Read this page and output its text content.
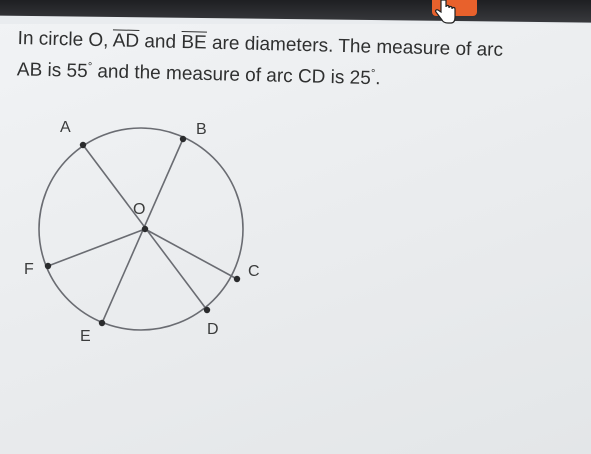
In circle O, $\overline{AD}$ and $\overline{BE}$ are diameters. The measure of arc
AB is 55° and the measure of arc CD is 25°.
A	B
C
D
E
F
O
